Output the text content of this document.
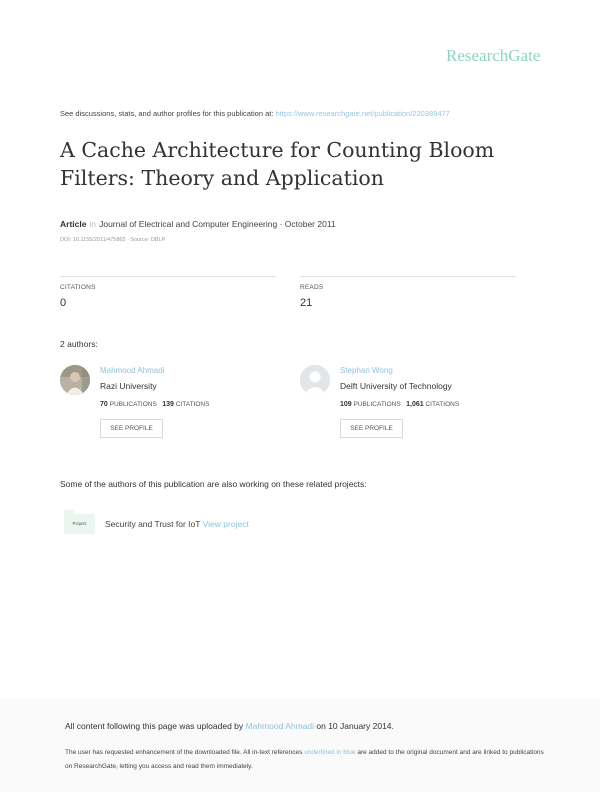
ResearchGate
See discussions, stats, and author profiles for this publication at: https://www.researchgate.net/publication/220389477
A Cache Architecture for Counting Bloom Filters: Theory and Application
Article in Journal of Electrical and Computer Engineering · October 2011
DOI: 10.1155/2011/475865 · Source: DBLP
CITATIONS
0
READS
21
2 authors:
Mahmood Ahmadi
Razi University
70 PUBLICATIONS 139 CITATIONS
SEE PROFILE
Stephan Wong
Delft University of Technology
109 PUBLICATIONS 1,061 CITATIONS
SEE PROFILE
Some of the authors of this publication are also working on these related projects:
Project	Security and Trust for IoT View project
All content following this page was uploaded by Mahmood Ahmadi on 10 January 2014.
The user has requested enhancement of the downloaded file. All in-text references underlined in blue are added to the original document and are linked to publications on ResearchGate, letting you access and read them immediately.
